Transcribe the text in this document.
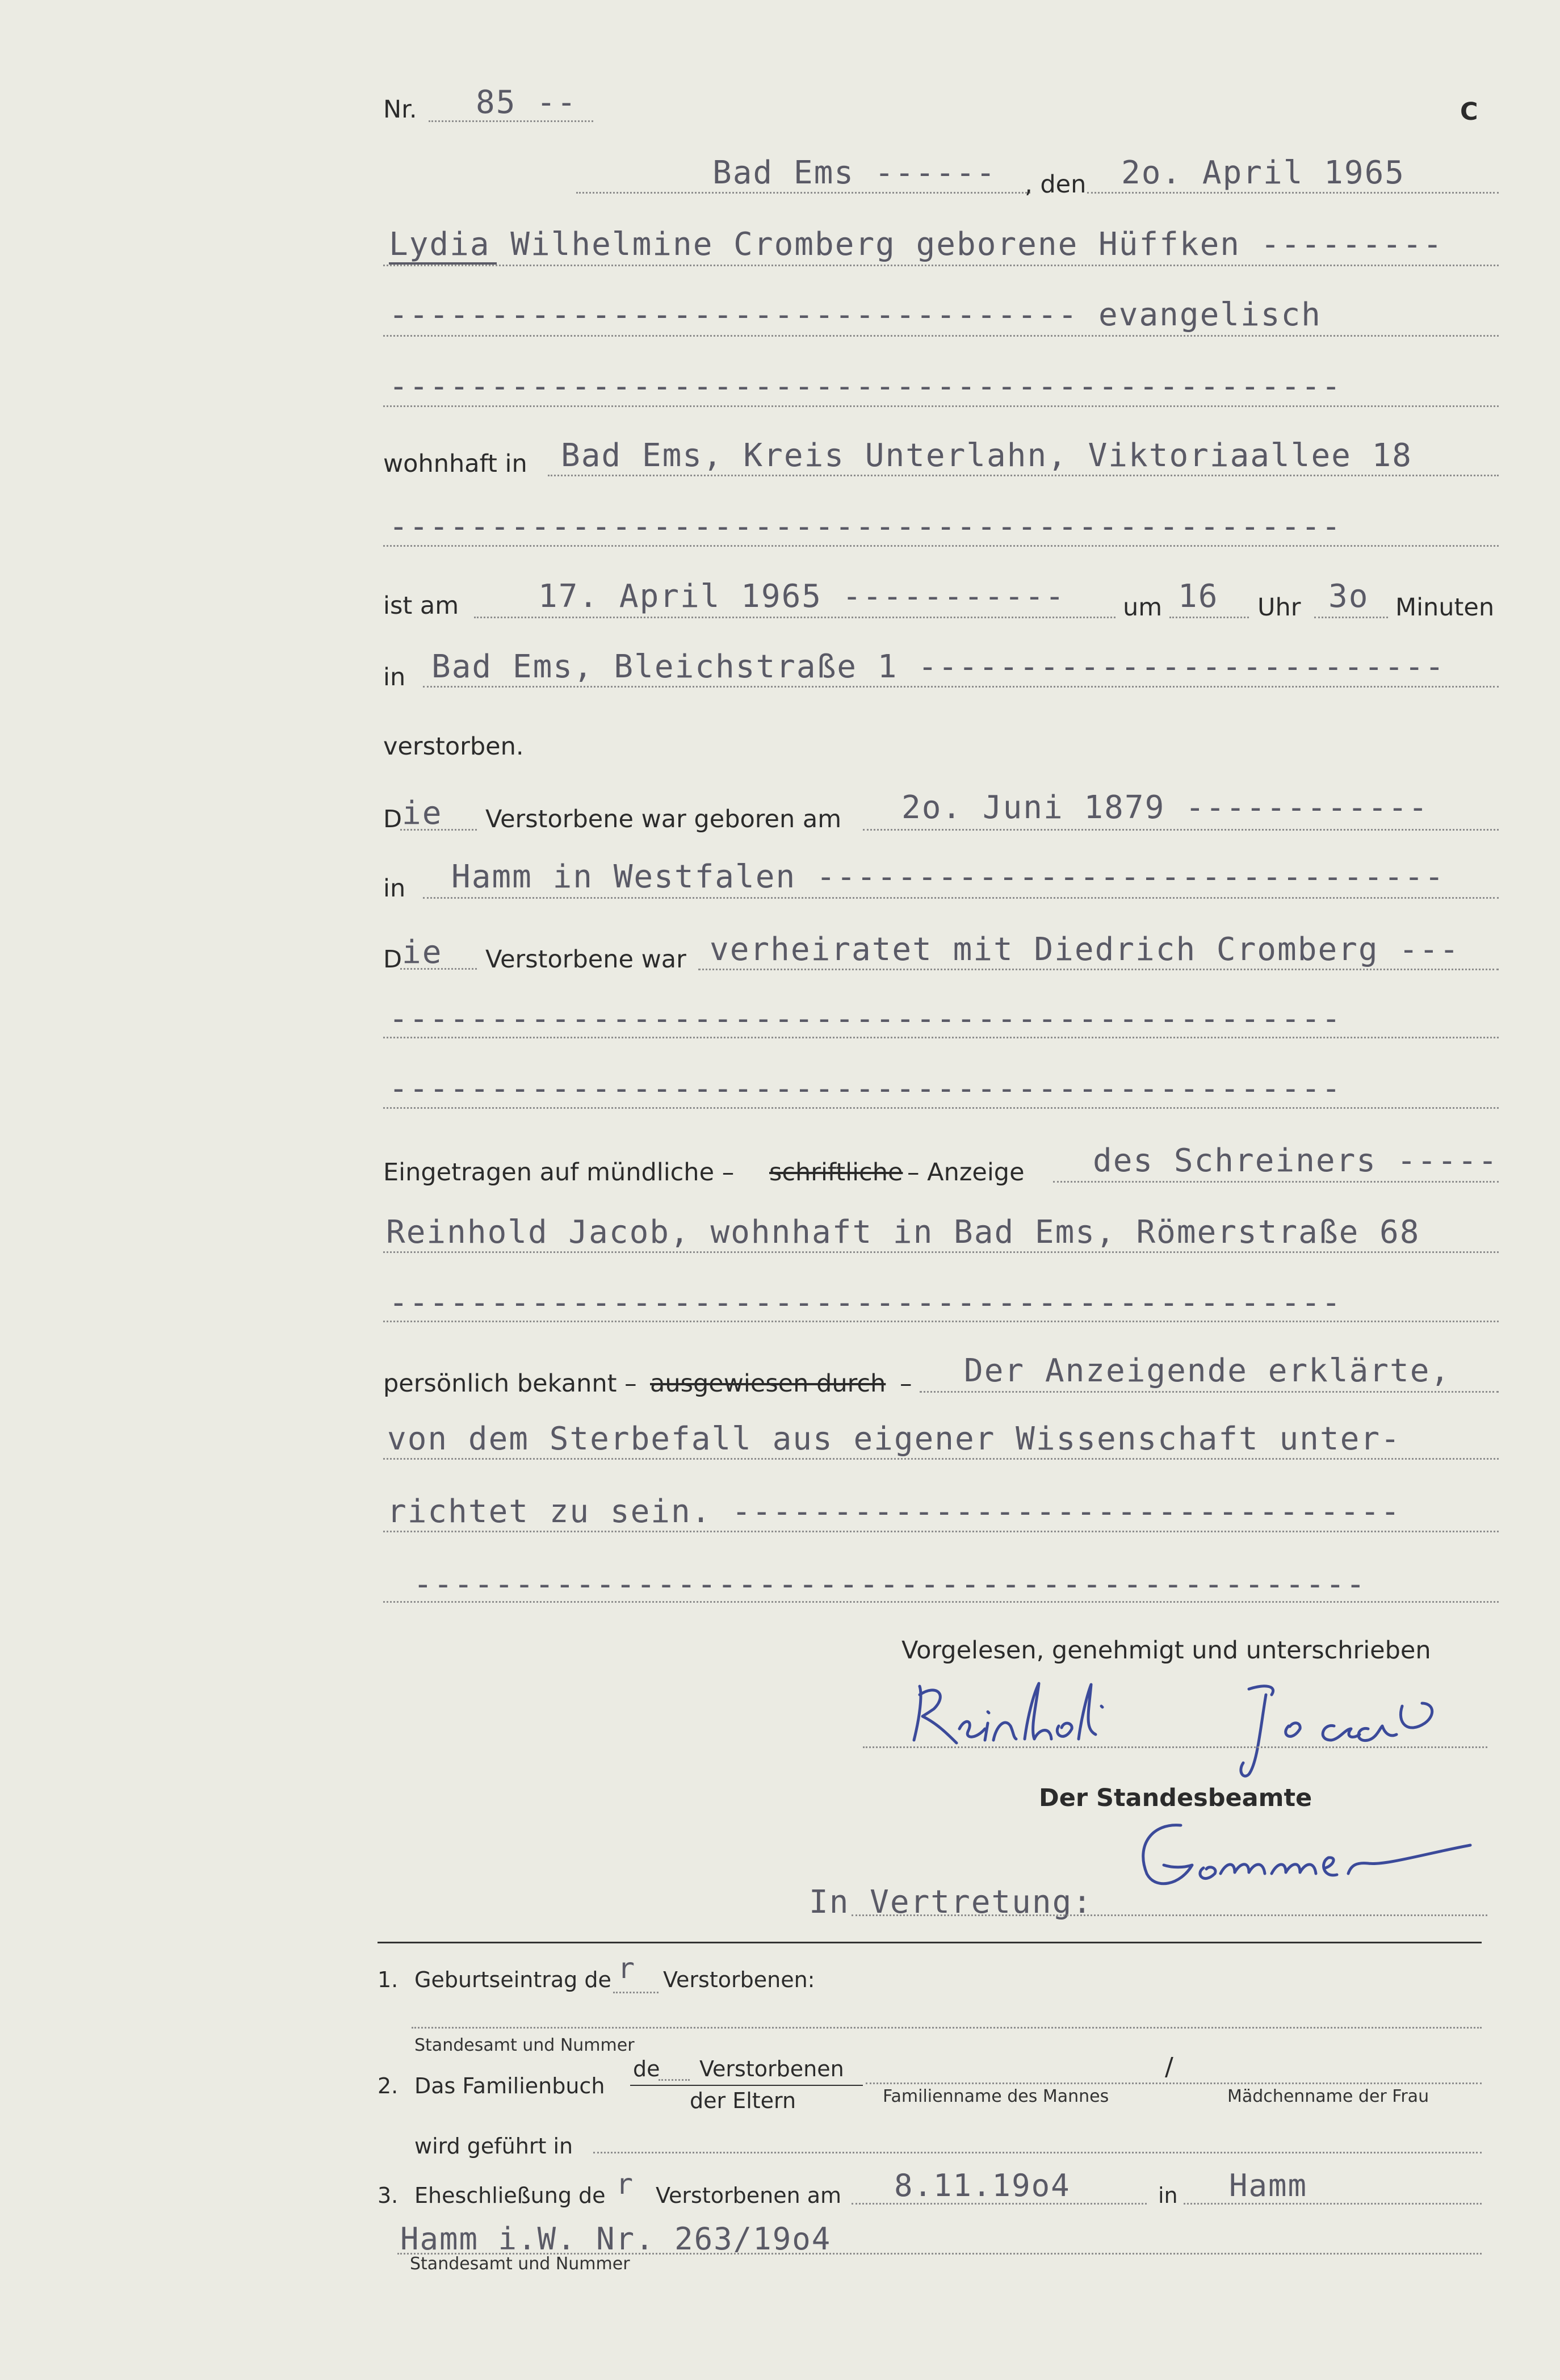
Nr. 85 --	C
Bad Ems ------ , den 2o. April 1965
Lydia Wilhelmine Cromberg geborene Hüffken ---------
---------------------------------- evangelisch
-----------------------------------------------
wohnhaft in Bad Ems, Kreis Unterlahn, Viktoriaallee 18
-----------------------------------------------
ist am 17. April 1965 ----------- um 16 Uhr 3o Minuten
in Bad Ems, Bleichstraße 1 --------------------------
verstorben.
D ie Verstorbene war geboren am 2o. Juni 1879 ------------
in Hamm in Westfalen -------------------------------
D ie Verstorbene war verheiratet mit Diedrich Cromberg ---
-----------------------------------------------
-----------------------------------------------
Eingetragen auf mündliche – schriftliche – Anzeige des Schreiners -----
Reinhold Jacob, wohnhaft in Bad Ems, Römerstraße 68
-----------------------------------------------
persönlich bekannt – ausgewiesen durch – Der Anzeigende erklärte,
von dem Sterbefall aus eigener Wissenschaft unter-
richtet zu sein. ---------------------------------
-----------------------------------------------
Vorgelesen, genehmigt und unterschrieben
Der Standesbeamte
In Vertretung:
1. Geburtseintrag de r Verstorbenen:
Standesamt und Nummer
2. Das Familienbuch
de Verstorbenen
der Eltern
/
Familienname des Mannes	Mädchenname der Frau
wird geführt in
3. Eheschließung de r Verstorbenen am 8.11.19o4	in Hamm
Hamm i.W. Nr. 263/19o4
Standesamt und Nummer
